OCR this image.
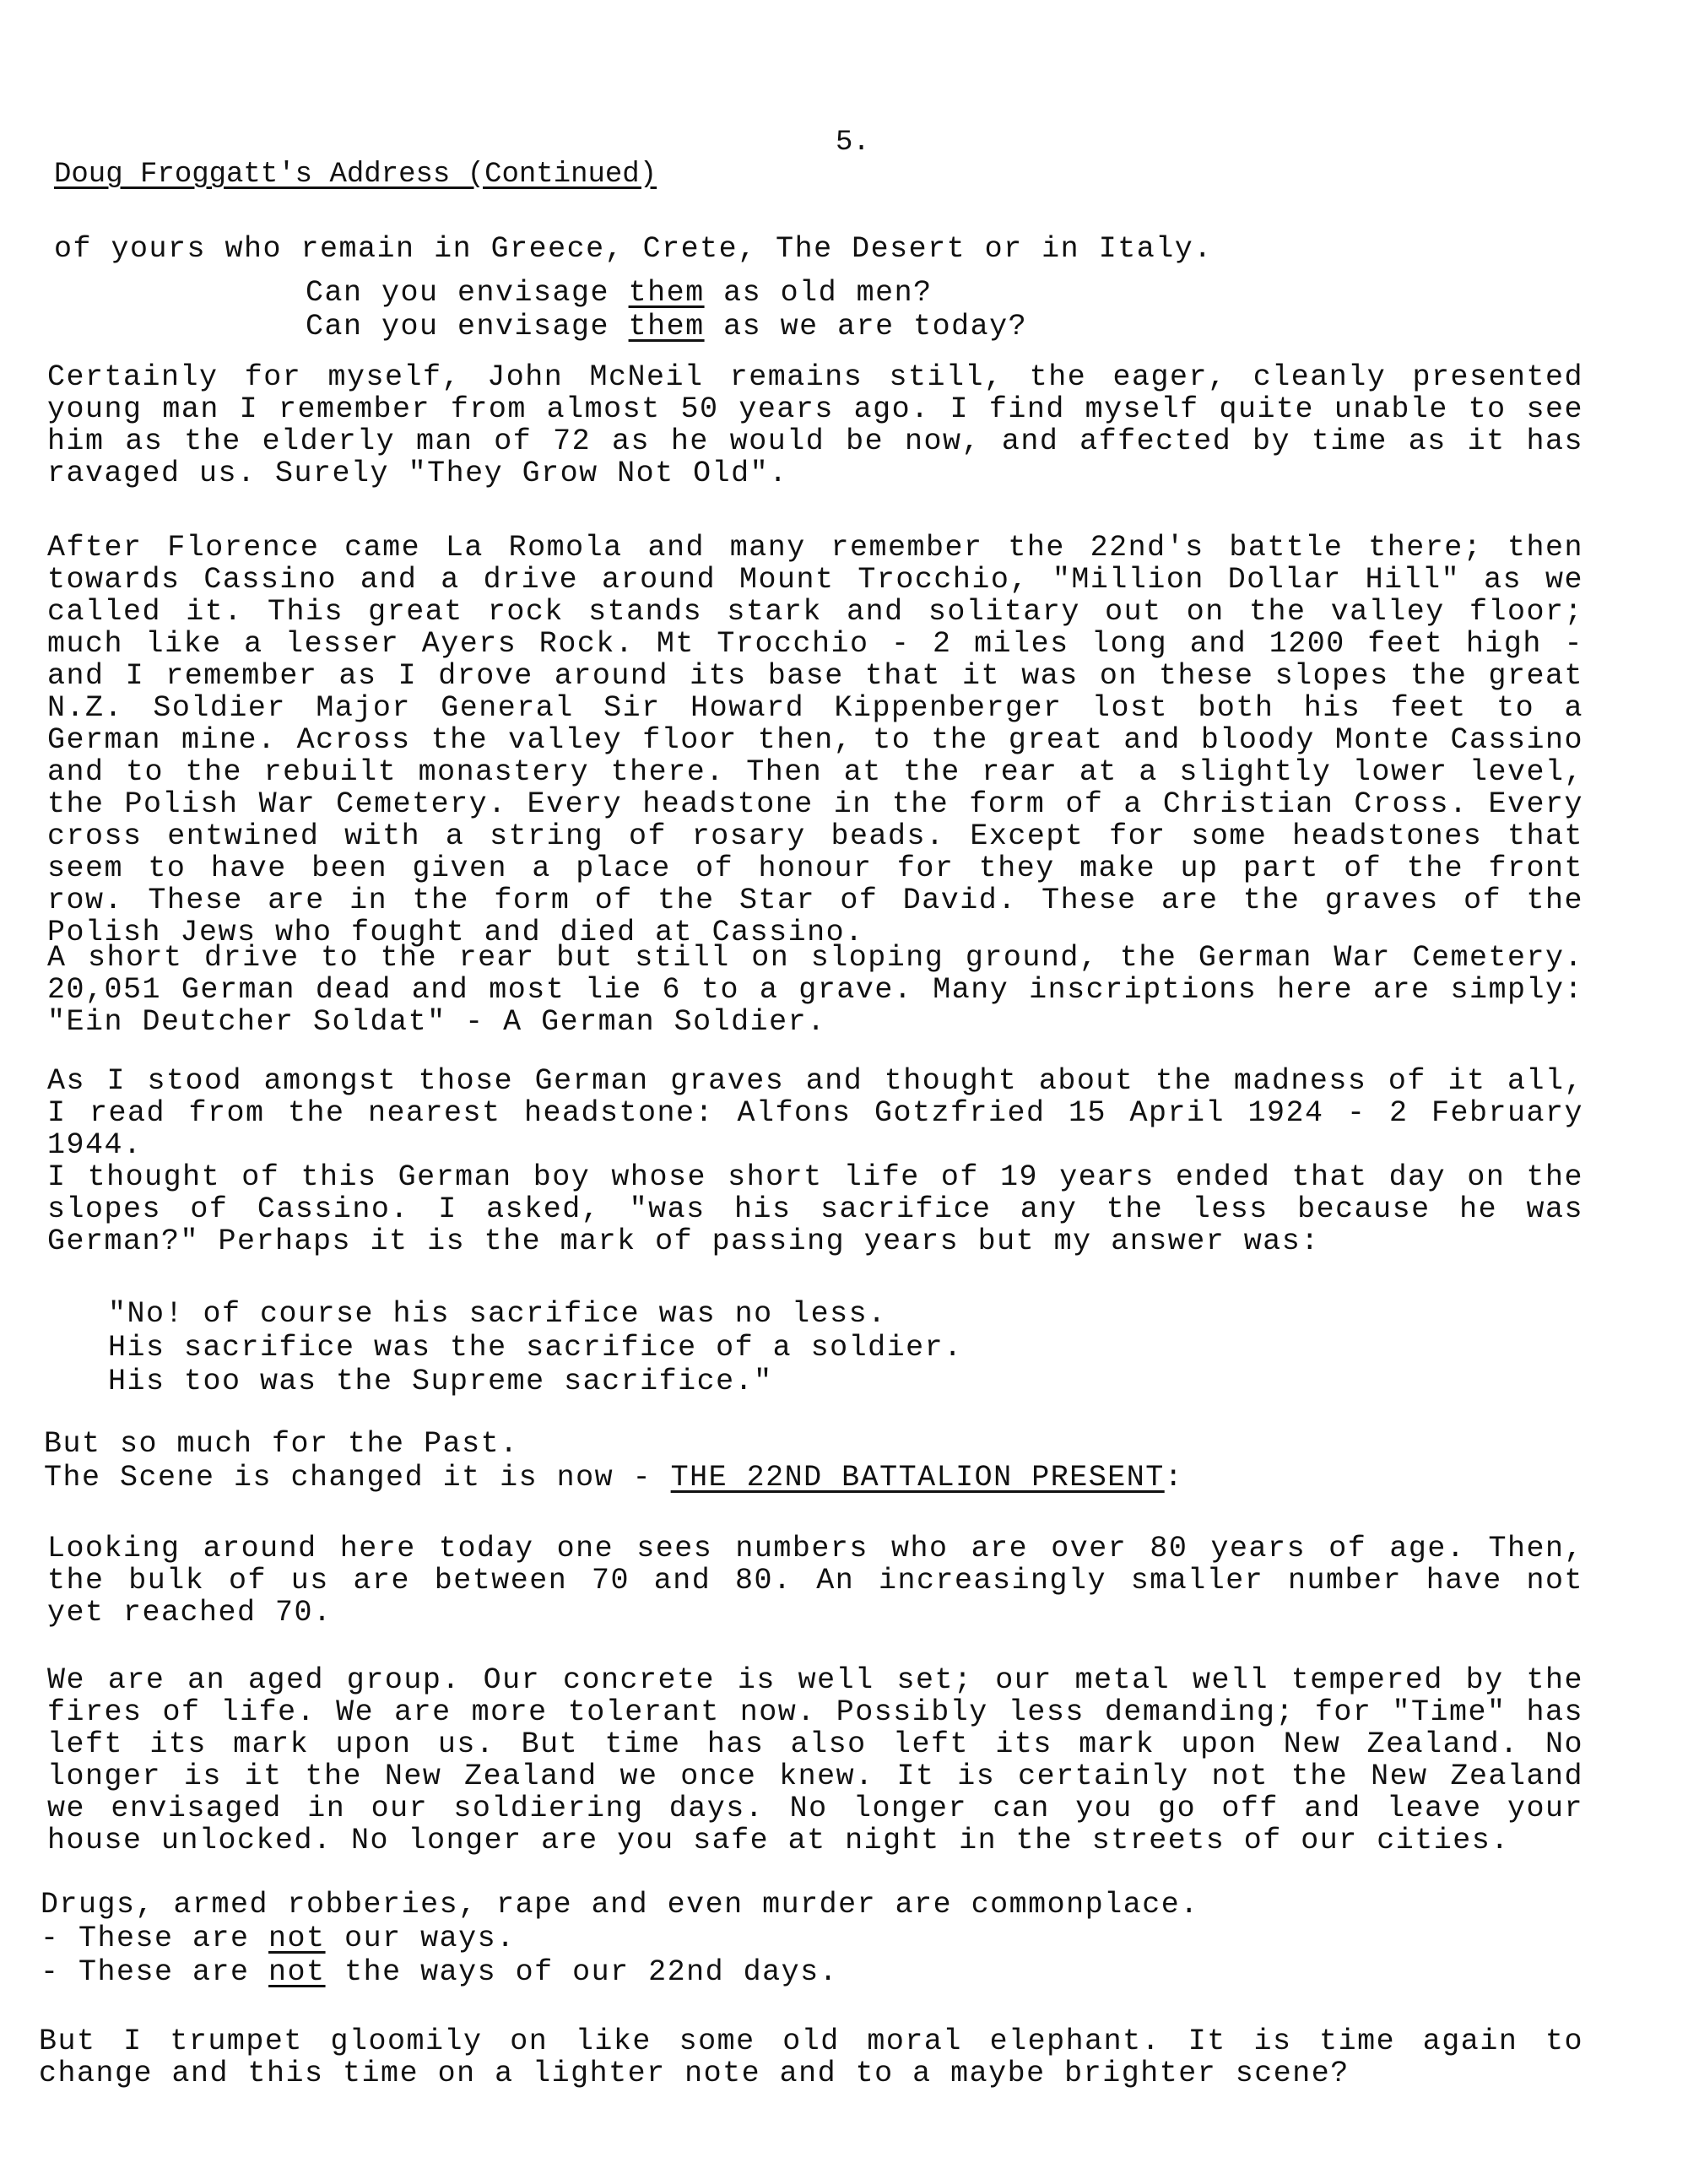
5.
Doug Froggatt's Address (Continued)
of yours who remain in Greece, Crete, The Desert or in Italy.
Can you envisage them as old men?
Can you envisage them as we are today?
Certainly for myself, John McNeil remains still, the eager, cleanly presented young man I remember from almost 50 years ago. I find myself quite unable to see him as the elderly man of 72 as he would be now, and affected by time as it has ravaged us. Surely "They Grow Not Old".
After Florence came La Romola and many remember the 22nd's battle there; then towards Cassino and a drive around Mount Trocchio, "Million Dollar Hill" as we called it. This great rock stands stark and solitary out on the valley floor; much like a lesser Ayers Rock. Mt Trocchio - 2 miles long and 1200 feet high - and I remember as I drove around its base that it was on these slopes the great N.Z. Soldier Major General Sir Howard Kippenberger lost both his feet to a German mine. Across the valley floor then, to the great and bloody Monte Cassino and to the rebuilt monastery there. Then at the rear at a slightly lower level, the Polish War Cemetery. Every headstone in the form of a Christian Cross. Every cross entwined with a string of rosary beads. Except for some headstones that seem to have been given a place of honour for they make up part of the front row. These are in the form of the Star of David. These are the graves of the Polish Jews who fought and died at Cassino.
A short drive to the rear but still on sloping ground, the German War Cemetery. 20,051 German dead and most lie 6 to a grave. Many inscriptions here are simply: "Ein Deutcher Soldat" - A German Soldier.
As I stood amongst those German graves and thought about the madness of it all, I read from the nearest headstone: Alfons Gotzfried 15 April 1924 - 2 February 1944.
I thought of this German boy whose short life of 19 years ended that day on the slopes of Cassino. I asked, "was his sacrifice any the less because he was German?" Perhaps it is the mark of passing years but my answer was:
"No! of course his sacrifice was no less.
His sacrifice was the sacrifice of a soldier.
His too was the Supreme sacrifice."
But so much for the Past.
The Scene is changed it is now - THE 22ND BATTALION PRESENT:
Looking around here today one sees numbers who are over 80 years of age. Then, the bulk of us are between 70 and 80. An increasingly smaller number have not yet reached 70.
We are an aged group. Our concrete is well set; our metal well tempered by the fires of life. We are more tolerant now. Possibly less demanding; for "Time" has left its mark upon us. But time has also left its mark upon New Zealand. No longer is it the New Zealand we once knew. It is certainly not the New Zealand we envisaged in our soldiering days. No longer can you go off and leave your house unlocked. No longer are you safe at night in the streets of our cities.
Drugs, armed robberies, rape and even murder are commonplace.
- These are not our ways.
- These are not the ways of our 22nd days.
But I trumpet gloomily on like some old moral elephant. It is time again to change and this time on a lighter note and to a maybe brighter scene?
